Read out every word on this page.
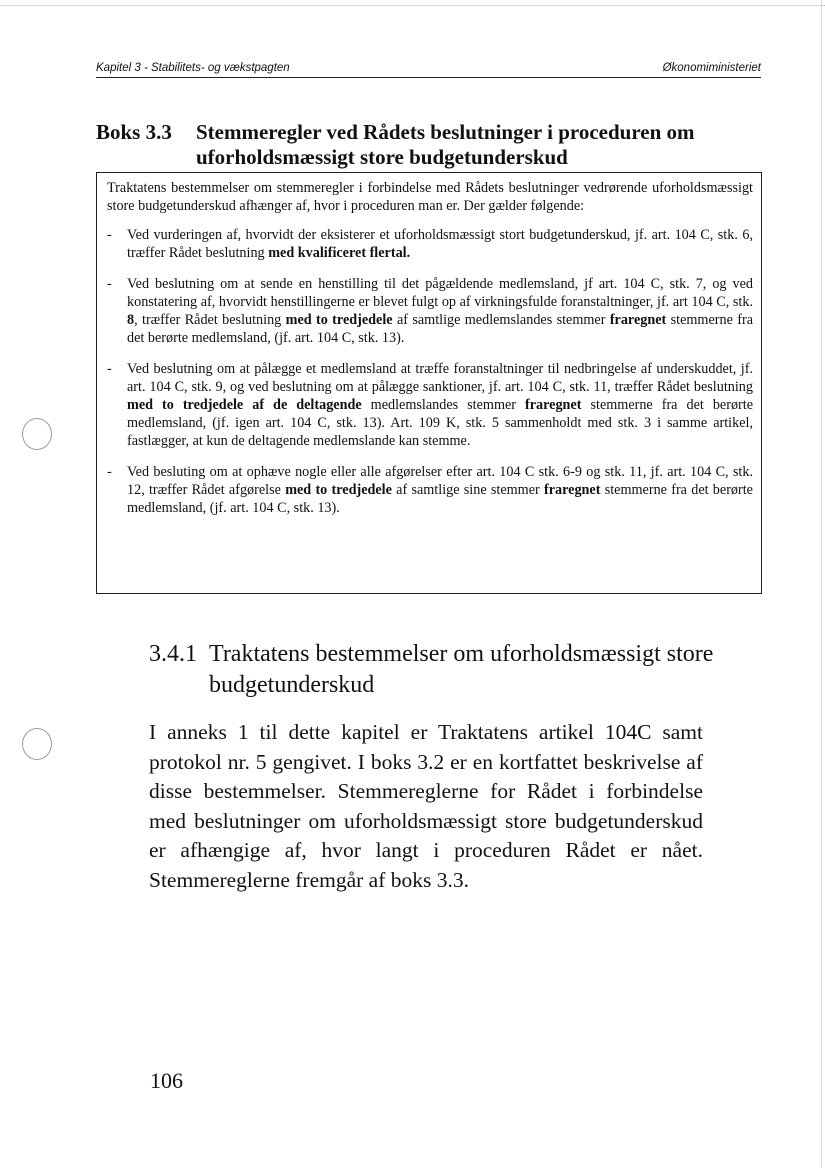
Kapitel 3 - Stabilitets- og vækstpagten	Økonomiministeriet
Boks 3.3	Stemmeregler ved Rådets beslutninger i proceduren om uforholdsmæssigt store budgetunderskud

Traktatens bestemmelser om stemmeregler i forbindelse med Rådets beslutninger vedrørende uforholdsmæssigt store budgetunderskud afhænger af, hvor i proceduren man er. Der gælder følgende:

- Ved vurderingen af, hvorvidt der eksisterer et uforholdsmæssigt stort budgetunderskud, jf. art. 104 C, stk. 6, træffer Rådet beslutning med kvalificeret flertal.
- Ved beslutning om at sende en henstilling til det pågældende medlemsland, jf art. 104 C, stk. 7, og ved konstatering af, hvorvidt henstillingerne er blevet fulgt op af virkningsfulde foranstaltninger, jf. art 104 C, stk. 8, træffer Rådet beslutning med to tredjedele af samtlige medlemslandes stemmer fraregnet stemmerne fra det berørte medlemsland, (jf. art. 104 C, stk. 13).
- Ved beslutning om at pålægge et medlemsland at træffe foranstaltninger til nedbringelse af underskuddet, jf. art. 104 C, stk. 9, og ved beslutning om at pålægge sanktioner, jf. art. 104 C, stk. 11, træffer Rådet beslutning med to tredjedele af de deltagende medlemslandes stemmer fraregnet stemmerne fra det berørte medlemsland, (jf. igen art. 104 C, stk. 13). Art. 109 K, stk. 5 sammenholdt med stk. 3 i samme artikel, fastlægger, at kun de deltagende medlemslande kan stemme.
- Ved besluting om at ophæve nogle eller alle afgørelser efter art. 104 C stk. 6-9 og stk. 11, jf. art. 104 C, stk. 12, træffer Rådet afgørelse med to tredjedele af samtlige sine stemmer fraregnet stemmerne fra det berørte medlemsland, (jf. art. 104 C, stk. 13).
3.4.1 Traktatens bestemmelser om uforholdsmæssigt store budgetunderskud

I anneks 1 til dette kapitel er Traktatens artikel 104C samt protokol nr. 5 gengivet. I boks 3.2 er en kortfattet beskrivelse af disse bestemmelser. Stemmereglerne for Rådet i forbindelse med beslutninger om uforholdsmæssigt store budgetunderskud er afhængige af, hvor langt i proceduren Rådet er nået. Stemmereglerne fremgår af boks 3.3.

106
